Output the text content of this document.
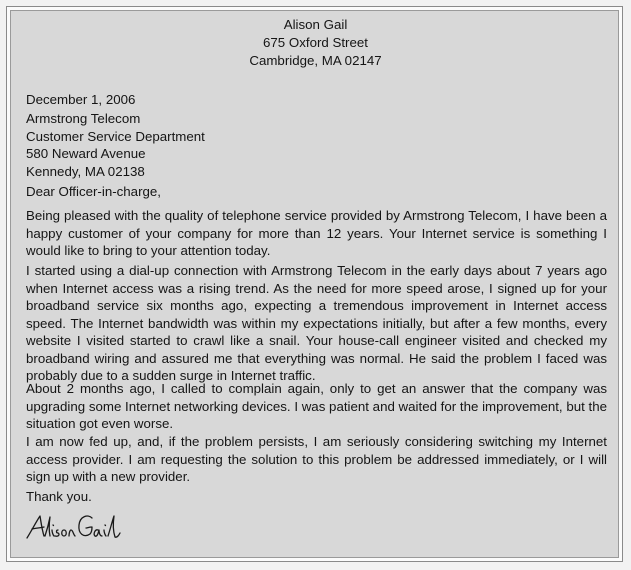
Alison Gail
675 Oxford Street
Cambridge, MA 02147
December 1, 2006
Armstrong Telecom
Customer Service Department
580 Neward Avenue
Kennedy, MA 02138
Dear Officer-in-charge,
Being pleased with the quality of telephone service provided by Armstrong Telecom, I have been a happy customer of your company for more than 12 years. Your Internet service is something I would like to bring to your attention today.
I started using a dial-up connection with Armstrong Telecom in the early days about 7 years ago when Internet access was a rising trend. As the need for more speed arose, I signed up for your broadband service six months ago, expecting a tremendous improvement in Internet access speed. The Internet bandwidth was within my expectations initially, but after a few months, every website I visited started to crawl like a snail. Your house-call engineer visited and checked my broadband wiring and assured me that everything was normal. He said the problem I faced was probably due to a sudden surge in Internet traffic.
About 2 months ago, I called to complain again, only to get an answer that the company was upgrading some Internet networking devices. I was patient and waited for the improvement, but the situation got even worse.
I am now fed up, and, if the problem persists, I am seriously considering switching my Internet access provider. I am requesting the solution to this problem be addressed immediately, or I will sign up with a new provider.
Thank you.
